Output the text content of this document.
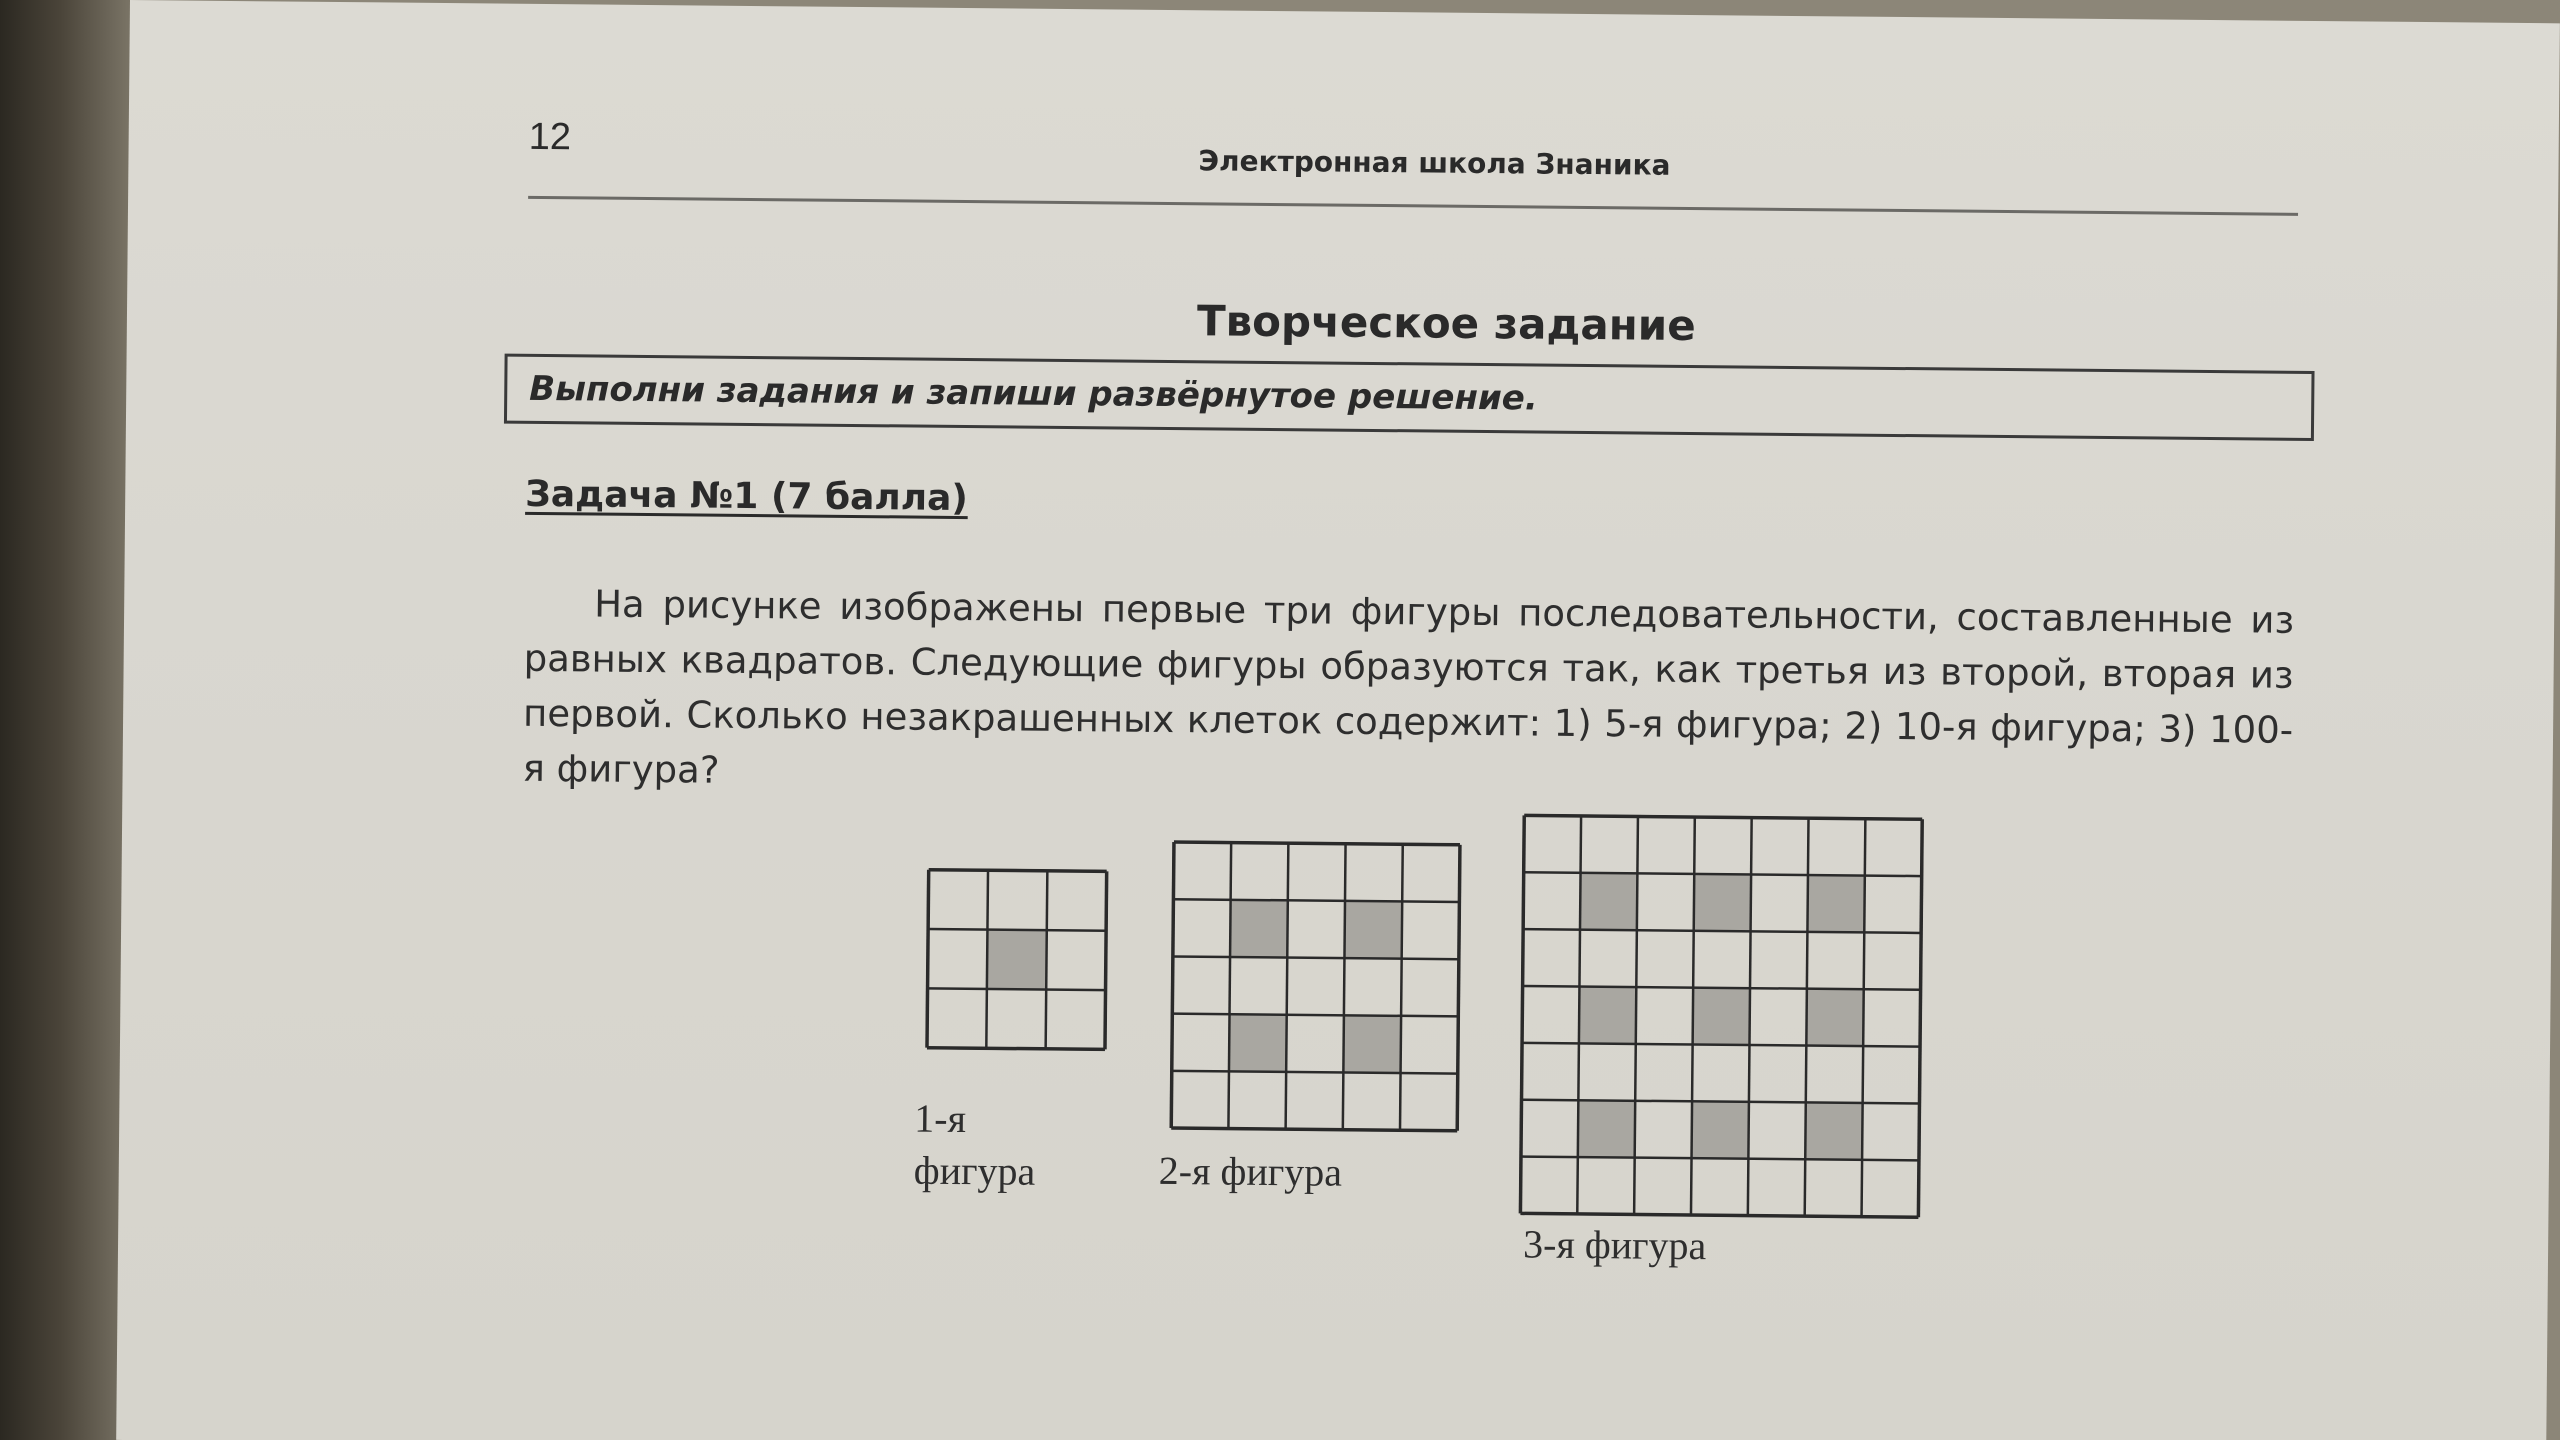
12
Электронная школа Знаника
Творческое задание
Выполни задания и запиши развёрнутое решение.
Задача №1 (7 балла)
На рисунке изображены первые три фигуры последовательности, составленные из равных квадратов. Следующие фигуры образуются так, как третья из второй, вторая из первой. Сколько незакрашенных клеток содержит: 1) 5-я фигура; 2) 10-я фигура; 3) 100-я фигура?
1-я
фигура	2-я фигура
3-я фигура
